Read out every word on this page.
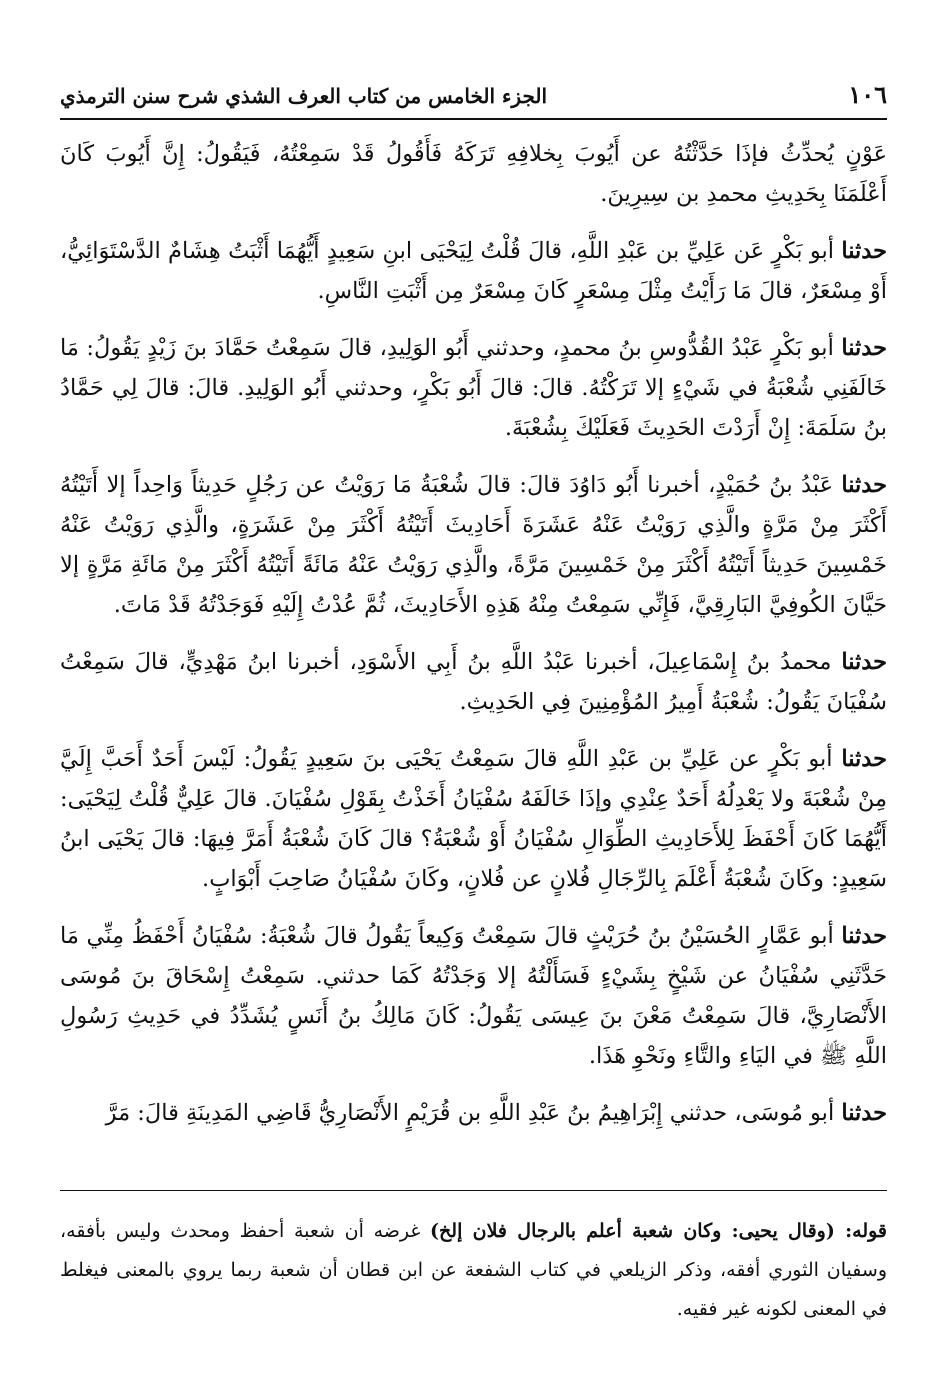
١٠٦
الجزء الخامس من كتاب العرف الشذي شرح سنن الترمذي

عَوْنٍ يُحدِّثُ فإذَا حَدَّثْتُهُ عن أَيُوبَ بِخلافِهِ تَرَكَهُ فَأَقُولُ قَدْ سَمِعْتُهُ، فَيَقُولُ: إِنَّ أَيُوبَ كَانَ أَعْلَمَنَا بِحَدِيثِ محمدِ بن سِيرِينَ.

حدثنا أبو بَكْرٍ عَن عَلِيِّ بن عَبْدِ اللَّهِ، قالَ قُلْتُ لِيَحْيَى ابنِ سَعِيدٍ أَيُّهُمَا أَثْبَتُ هِشَامٌ الدَّسْتَوَائِيُّ، أَوْ مِسْعَرٌ، قالَ مَا رَأَيْتُ مِثْلَ مِسْعَرٍ كَانَ مِسْعَرٌ مِن أَثْبَتِ النَّاسِ.

حدثنا أبو بَكْرٍ عَبْدُ القُدُّوسِ بنُ محمدٍ، وحدثني أَبُو الوَلِيدِ، قالَ سَمِعْتُ حَمَّادَ بنَ زَيْدٍ يَقُولُ: مَا خَالَفَنِي شُعْبَةُ في شَيْءٍ إلا تَرَكْتُهُ. قالَ: قالَ أَبُو بَكْرٍ، وحدثني أَبُو الوَلِيدِ. قالَ: قالَ لِي حَمَّادُ بنُ سَلَمَةَ: إِنْ أَرَدْتَ الحَدِيثَ فَعَلَيْكَ بِشُعْبَةَ.

حدثنا عَبْدُ بنُ حُمَيْدٍ، أخبرنا أَبُو دَاوُدَ قالَ: قالَ شُعْبَةُ مَا رَوَيْتُ عن رَجُلٍ حَدِيثاً وَاحِداً إلا أَتَيْتُهُ أَكْثَرَ مِنْ مَرَّةٍ والَّذِي رَوَيْتُ عَنْهُ عَشَرَةَ أَحَادِيثَ أَتَيْتُهُ أَكْثَرَ مِنْ عَشَرَةٍ، والَّذِي رَوَيْتُ عَنْهُ خَمْسِينَ حَدِيثاً أَتَيْتُهُ أَكْثَرَ مِنْ خَمْسِينَ مَرَّةً، والَّذِي رَوَيْتُ عَنْهُ مَائَةً أَتَيْتُهُ أَكْثَرَ مِنْ مَائَةِ مَرَّةٍ إلا حَيَّانَ الكُوفِيَّ البَارِقِيَّ، فَإِنِّي سَمِعْتُ مِنْهُ هَذِهِ الأَحَادِيثَ، ثُمَّ عُدْتُ إِلَيْهِ فَوَجَدْتُهُ قَدْ مَاتَ.

حدثنا محمدُ بنُ إِسْمَاعِيلَ، أخبرنا عَبْدُ اللَّهِ بنُ أَبِي الأَسْوَدِ، أخبرنا ابنُ مَهْدِيٍّ، قالَ سَمِعْتُ سُفْيَانَ يَقُولُ: شُعْبَةُ أَمِيرُ المُؤْمِنِينَ فِي الحَدِيثِ.

حدثنا أبو بَكْرٍ عن عَلِيِّ بن عَبْدِ اللَّهِ قالَ سَمِعْتُ يَحْيَى بنَ سَعِيدٍ يَقُولُ: لَيْسَ أَحَدٌ أَحَبَّ إِلَيَّ مِنْ شُعْبَةَ ولا يَعْدِلُهُ أَحَدٌ عِنْدِي وإذَا خَالَفَهُ سُفْيَانُ أَخَذْتُ بِقَوْلِ سُفْيَانَ. قالَ عَلِيٌّ قُلْتُ لِيَحْيَى: أَيُّهُمَا كَانَ أَحْفَظَ لِلأَحَادِيثِ الطِّوَالِ سُفْيَانُ أَوْ شُعْبَةُ؟ قالَ كَانَ شُعْبَةُ أَمَرَّ فِيهَا: قالَ يَحْيَى ابنُ سَعِيدٍ: وكَانَ شُعْبَةُ أَعْلَمَ بِالرِّجَالِ فُلانٍ عن فُلانٍ، وكَانَ سُفْيَانُ صَاحِبَ أَبْوَابٍ.

حدثنا أبو عَمَّارٍ الحُسَيْنُ بنُ حُرَيْثٍ قالَ سَمِعْتُ وَكِيعاً يَقُولُ قالَ شُعْبَةُ: سُفْيَانُ أَحْفَظُ مِنِّي مَا حَدَّثَنِي سُفْيَانُ عن شَيْخٍ بِشَيْءٍ فَسَأَلْتُهُ إلا وَجَدْتُهُ كَمَا حدثني. سَمِعْتُ إِسْحَاقَ بنَ مُوسَى الأَنْصَارِيَّ، قالَ سَمِعْتُ مَعْنَ بنَ عِيسَى يَقُولُ: كَانَ مَالِكُ بنُ أَنَسٍ يُشَدِّدُ في حَدِيثِ رَسُولِ اللَّهِ ﷺ في اليَاءِ والتَّاءِ ونَحْوِ هَذَا.

حدثنا أبو مُوسَى، حدثني إِبْرَاهِيمُ بنُ عَبْدِ اللَّهِ بن قُرَيْمٍ الأَنْصَارِيُّ قَاضِي المَدِينَةِ قالَ: مَرَّ

قوله: (وقال يحيى: وكان شعبة أعلم بالرجال فلان إلخ) غرضه أن شعبة أحفظ ومحدث وليس بأفقه، وسفيان الثوري أفقه، وذكر الزيلعي في كتاب الشفعة عن ابن قطان أن شعبة ربما يروي بالمعنى فيغلط في المعنى لكونه غير فقيه.
